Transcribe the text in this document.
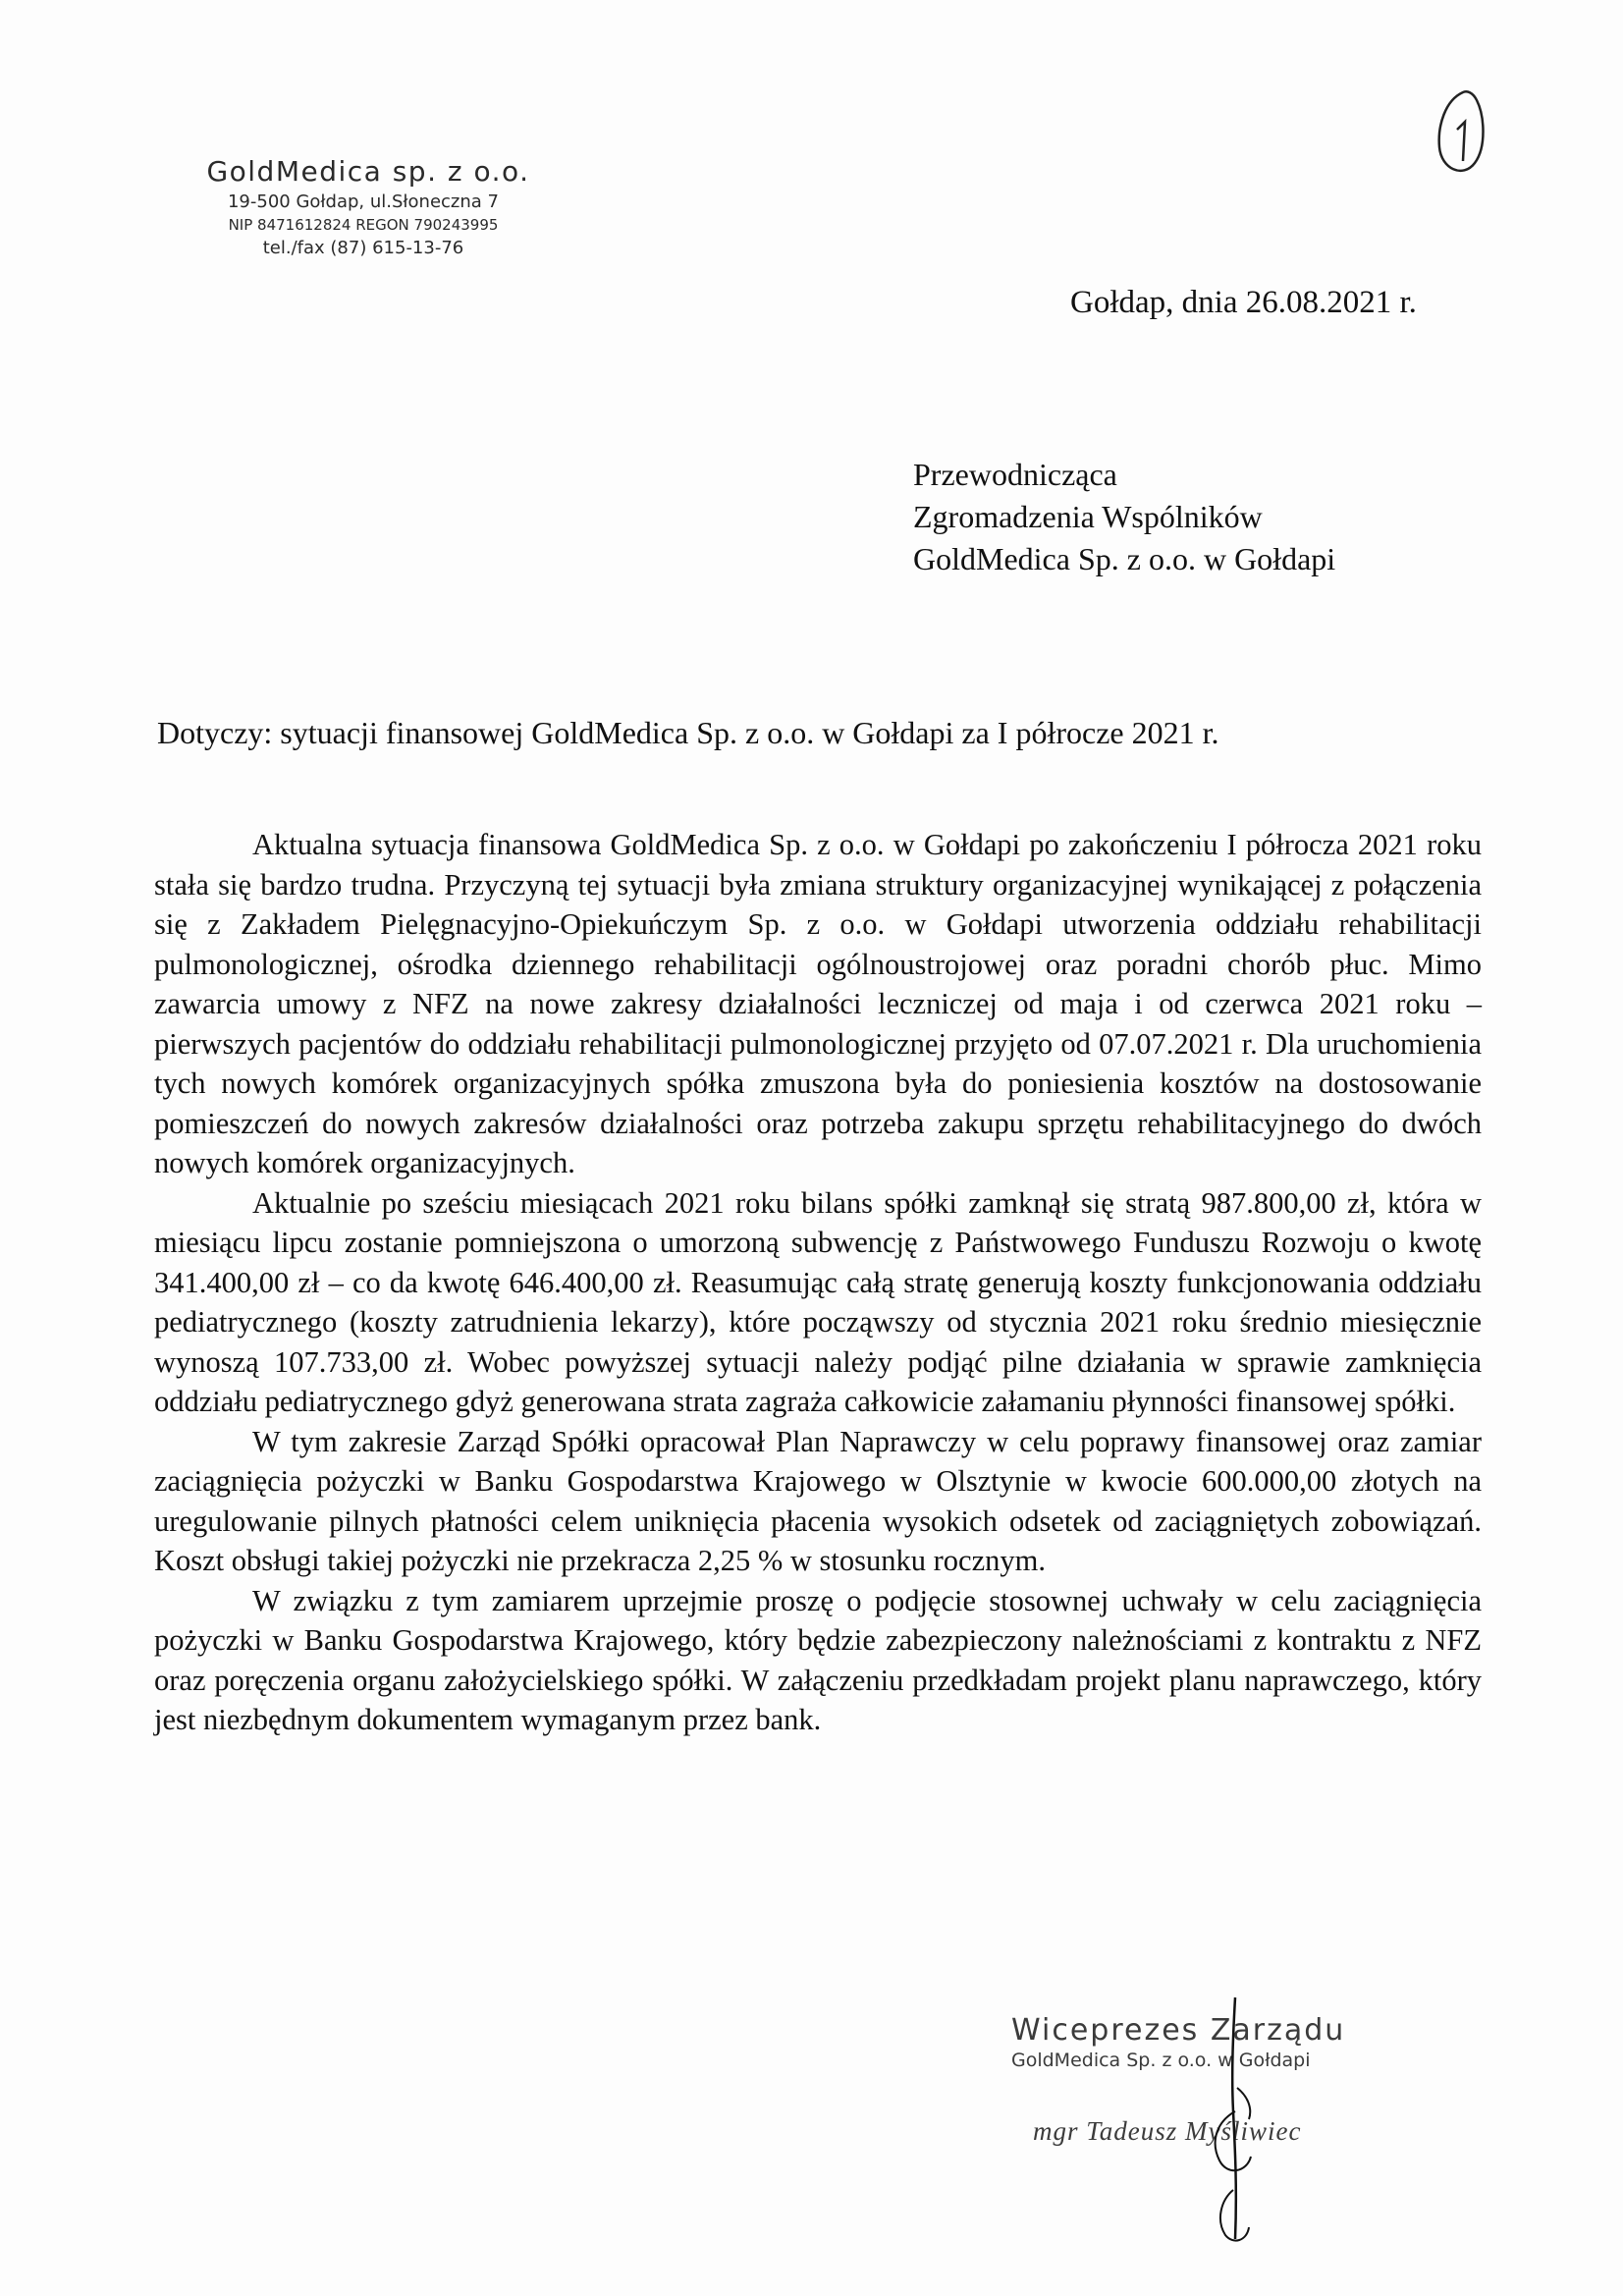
GoldMedica sp. z o.o.
19-500 Gołdap, ul.Słoneczna 7
NIP 8471612824 REGON 790243995
tel./fax (87) 615-13-76
Gołdap, dnia 26.08.2021 r.
Przewodnicząca
Zgromadzenia Wspólników
GoldMedica Sp. z o.o. w Gołdapi
Dotyczy: sytuacji finansowej GoldMedica Sp. z o.o. w Gołdapi za I półrocze 2021 r.

Aktualna sytuacja finansowa GoldMedica Sp. z o.o. w Gołdapi po zakończeniu I półrocza 2021 roku stała się bardzo trudna. Przyczyną tej sytuacji była zmiana struktury organizacyjnej wynikającej z połączenia się z Zakładem Pielęgnacyjno-Opiekuńczym Sp. z o.o. w Gołdapi utworzenia oddziału rehabilitacji pulmonologicznej, ośrodka dziennego rehabilitacji ogólnoustrojowej oraz poradni chorób płuc. Mimo zawarcia umowy z NFZ na nowe zakresy działalności leczniczej od maja i od czerwca 2021 roku – pierwszych pacjentów do oddziału rehabilitacji pulmonologicznej przyjęto od 07.07.2021 r. Dla uruchomienia tych nowych komórek organizacyjnych spółka zmuszona była do poniesienia kosztów na dostosowanie pomieszczeń do nowych zakresów działalności oraz potrzeba zakupu sprzętu rehabilitacyjnego do dwóch nowych komórek organizacyjnych.

Aktualnie po sześciu miesiącach 2021 roku bilans spółki zamknął się stratą 987.800,00 zł, która w miesiącu lipcu zostanie pomniejszona o umorzoną subwencję z Państwowego Funduszu Rozwoju o kwotę 341.400,00 zł – co da kwotę 646.400,00 zł. Reasumując całą stratę generują koszty funkcjonowania oddziału pediatrycznego (koszty zatrudnienia lekarzy), które począwszy od stycznia 2021 roku średnio miesięcznie wynoszą 107.733,00 zł. Wobec powyższej sytuacji należy podjąć pilne działania w sprawie zamknięcia oddziału pediatrycznego gdyż generowana strata zagraża całkowicie załamaniu płynności finansowej spółki.

W tym zakresie Zarząd Spółki opracował Plan Naprawczy w celu poprawy finansowej oraz zamiar zaciągnięcia pożyczki w Banku Gospodarstwa Krajowego w Olsztynie w kwocie 600.000,00 złotych na uregulowanie pilnych płatności celem uniknięcia płacenia wysokich odsetek od zaciągniętych zobowiązań. Koszt obsługi takiej pożyczki nie przekracza 2,25 % w stosunku rocznym.

W związku z tym zamiarem uprzejmie proszę o podjęcie stosownej uchwały w celu zaciągnięcia pożyczki w Banku Gospodarstwa Krajowego, który będzie zabezpieczony należnościami z kontraktu z NFZ oraz poręczenia organu założycielskiego spółki. W załączeniu przedkładam projekt planu naprawczego, który jest niezbędnym dokumentem wymaganym przez bank.

Wiceprezes Zarządu
GoldMedica Sp. z o.o. w Gołdapi
mgr Tadeusz Myśliwiec
